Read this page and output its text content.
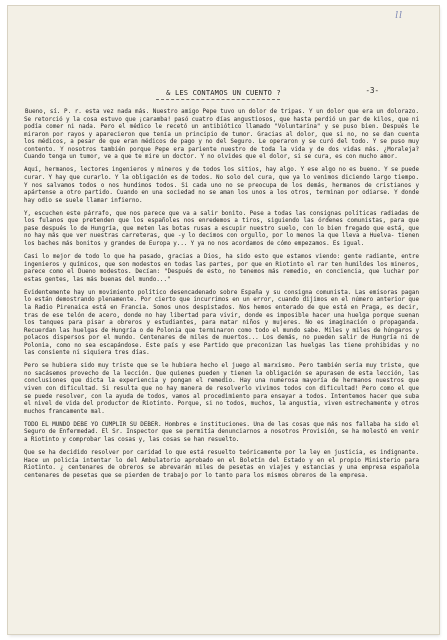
ll
-3-
& LES CONTAMOS UN CUENTO ?

Bueno, sí. P. r. esta vez nada más. Nuestro amigo Pepe tuvo un dolor de tripas. Y un dolor que era un dolorazo. Se retorció y la cosa estuvo que ¡caramba! pasó cuatro días angustiosos, que hasta perdió un par de kilos, que ni podía comer ni nada. Pero el médico le recetó un antibiótico llamado "Voluntarina" y se puso bien. Después le miraron por rayos y aparecieron que tenía un principio de tumor. Gracias al dolor, que si no, no se dan cuenta los médicos, a pesar de que eran médicos de pago y no del Seguro. Le operaron y se curó del todo. Y se puso muy contento. Y nosotros también porque Pepe era pariente nuestro de toda la vida y de dos vidas más. ¿Moraleja? Cuando tenga un tumor, ve a que te mire un doctor. Y no olvides que el dolor, si se cura, es con mucho amor.

Aquí, hermanos, lectores ingenieros y mineros y de todos los sitios, hay algo. Y ese algo no es bueno. Y se puede curar. Y hay que curarlo. Y la obligación es de todos. No solo del cura, que ya lo venimos diciendo largo tiempo. Y nos salvamos todos o nos hundimos todos. Si cada uno no se preocupa de los demás, hermanos de cristianos y apártense a otro partido. Cuando en una sociedad no se aman los unos a los otros, terminan por odiarse. Y donde hay odio se suele llamar infierno.

Y, escuchen este párrafo, que nos parece que va a salir bonito. Pese a todas las consignas políticas radiadas de los fulanos que pretenden que los españoles nos enredemos a tiros, siguiendo las órdenes comunistas, para que pase después lo de Hungría, que meten las botas rusas a escupir nuestro suelo, con lo bien fregado que está, que no hay más que ver nuestras carreteras, que -y lo decimos con orgullo, por lo menos la que lleva a Huelva- tienen los baches más bonitos y grandes de Europa y... Y ya no nos acordamos de cómo empezamos. Es igual.

Casi lo mejor de todo lo que ha pasado, gracias a Dios, ha sido esto que estamos viendo: gente radiante, entre ingenieros y químicos, que son modestos en todas las partes, por que en Riotinto el rar ten humildes los mineros, parece como el Dueno modestos. Decían: "Después de esto, no tenemos más remedio, en conciencia, que luchar por estas gentes, las más buenas del mundo..."

Evidentemente hay un movimiento político desencadenado sobre España y su consigna comunista. Las emisoras pagan lo están demostrando plenamente. Por cierto que incurrimos en un error, cuando dijimos en el número anterior que la Radio Pirenaica está en Francia. Somos unos despistados. Nos hemos enterado de que está en Praga, es decir, tras de ese telón de acero, donde no hay libertad para vivir, donde es imposible hacer una huelga porque suenan los tanques para pisar a obreros y estudiantes, para matar niños y mujeres. No es imaginación o propaganda. Recuerdan las huelgas de Hungría o de Polonia que terminaron como todo el mundo sabe. Miles y miles de húngaros y polacos dispersos por el mundo. Centenares de miles de muertos... Los demás, no pueden salir de Hungría ni de Polonia, como no sea escapándose. Este país y ese Partido que preconizan las huelgas las tiene prohibidas y no las consiente ni siquiera tres días.

Pero se hubiera sido muy triste que se le hubiera hecho el juego al marxismo. Pero también sería muy triste, que no sacásemos provecho de la lección. Que quienes pueden y tienen la obligación se apurasen de esta lección, las conclusiones que dicta la experiencia y pongan el remedio. Hay una numerosa mayoría de hermanos nuestros que viven con dificultad. Si resulta que no hay manera de resolverlo vivimos todos con dificultad! Pero como el que se puede resolver, con la ayuda de todos, vamos al procedimiento para ensayar a todos. Intentemos hacer que suba el nivel de vida del productor de Riotinto. Porque, si no todos, muchos, la angustia, viven estrechamente y otros muchos francamente mal.

TODO EL MUNDO DEBE YO CUMPLIR SU DEBER. Hombres e instituciones. Una de las cosas que más nos fallaba ha sido el Seguro de Enfermedad. El Sr. Inspector que se permitía denunciarnos a nosotros Provisión, se ha molestó en venir a Riotinto y comprobar las cosas y, las cosas se han resuelto.

Que se ha decidido resolver por caridad lo que está resuelto teóricamente por la ley en justicia, es indignante. Hace un policía intentar lo del Ambulatorio aprobado en el Boletín del Estado y en el propio Ministerio para Riotinto. ¿ centenares de obreros se abrevarán miles de pesetas en viajes y estancias y una empresa española centenares de pesetas que se pierden de trabajo por lo tanto para los mismos obreros de la empresa.
